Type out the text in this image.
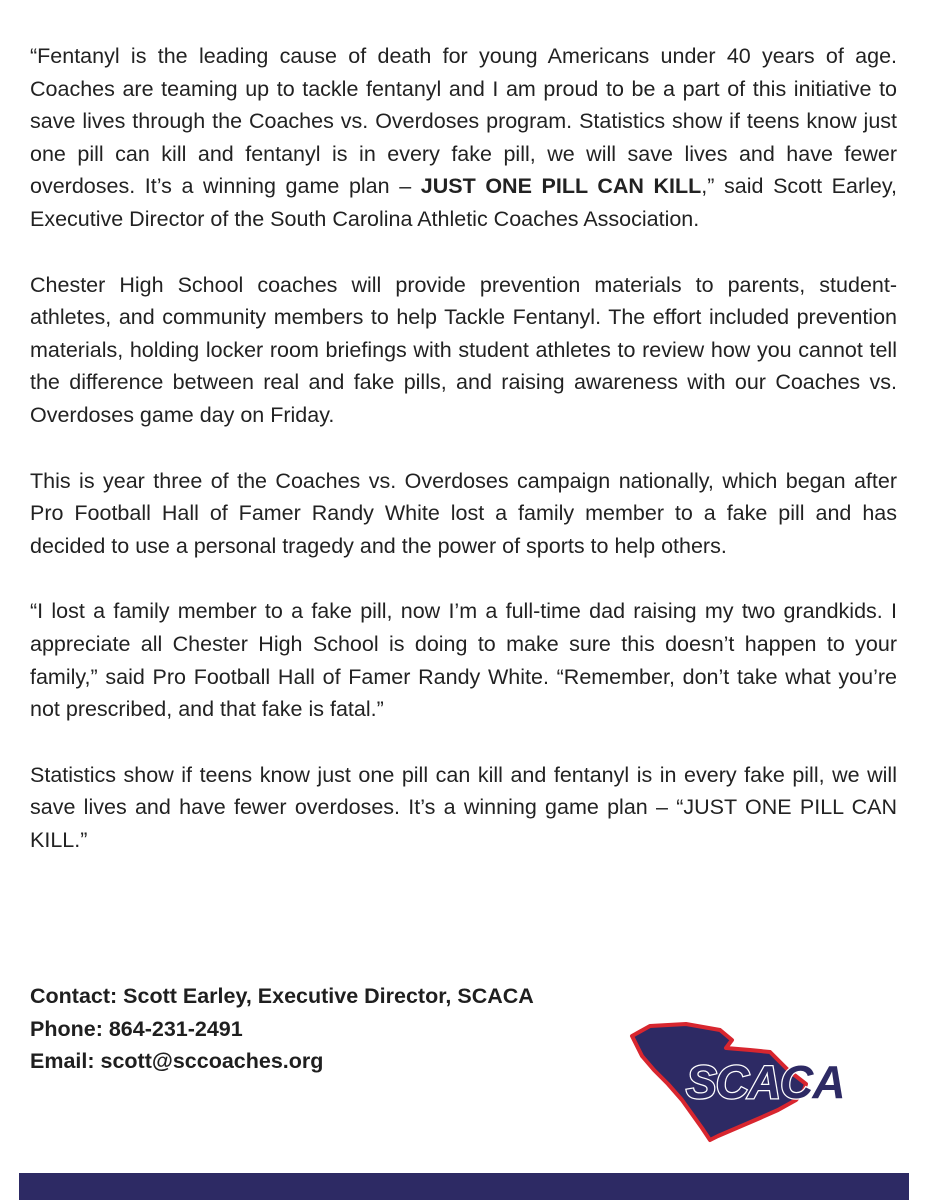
“Fentanyl is the leading cause of death for young Americans under 40 years of age. Coaches are teaming up to tackle fentanyl and I am proud to be a part of this initiative to save lives through the Coaches vs. Overdoses program. Statistics show if teens know just one pill can kill and fentanyl is in every fake pill, we will save lives and have fewer overdoses. It’s a winning game plan – JUST ONE PILL CAN KILL,” said Scott Earley, Executive Director of the South Carolina Athletic Coaches Association.

Chester High School coaches will provide prevention materials to parents, student-athletes, and community members to help Tackle Fentanyl. The effort included prevention materials, holding locker room briefings with student athletes to review how you cannot tell the difference between real and fake pills, and raising awareness with our Coaches vs. Overdoses game day on Friday.

This is year three of the Coaches vs. Overdoses campaign nationally, which began after Pro Football Hall of Famer Randy White lost a family member to a fake pill and has decided to use a personal tragedy and the power of sports to help others.

“I lost a family member to a fake pill, now I’m a full-time dad raising my two grandkids. I appreciate all Chester High School is doing to make sure this doesn’t happen to your family,” said Pro Football Hall of Famer Randy White. “Remember, don’t take what you’re not prescribed, and that fake is fatal.”

Statistics show if teens know just one pill can kill and fentanyl is in every fake pill, we will save lives and have fewer overdoses. It’s a winning game plan – “JUST ONE PILL CAN KILL.”

Contact: Scott Earley, Executive Director, SCACA
Phone: 864-231-2491
Email: scott@sccoaches.org	SCACA
